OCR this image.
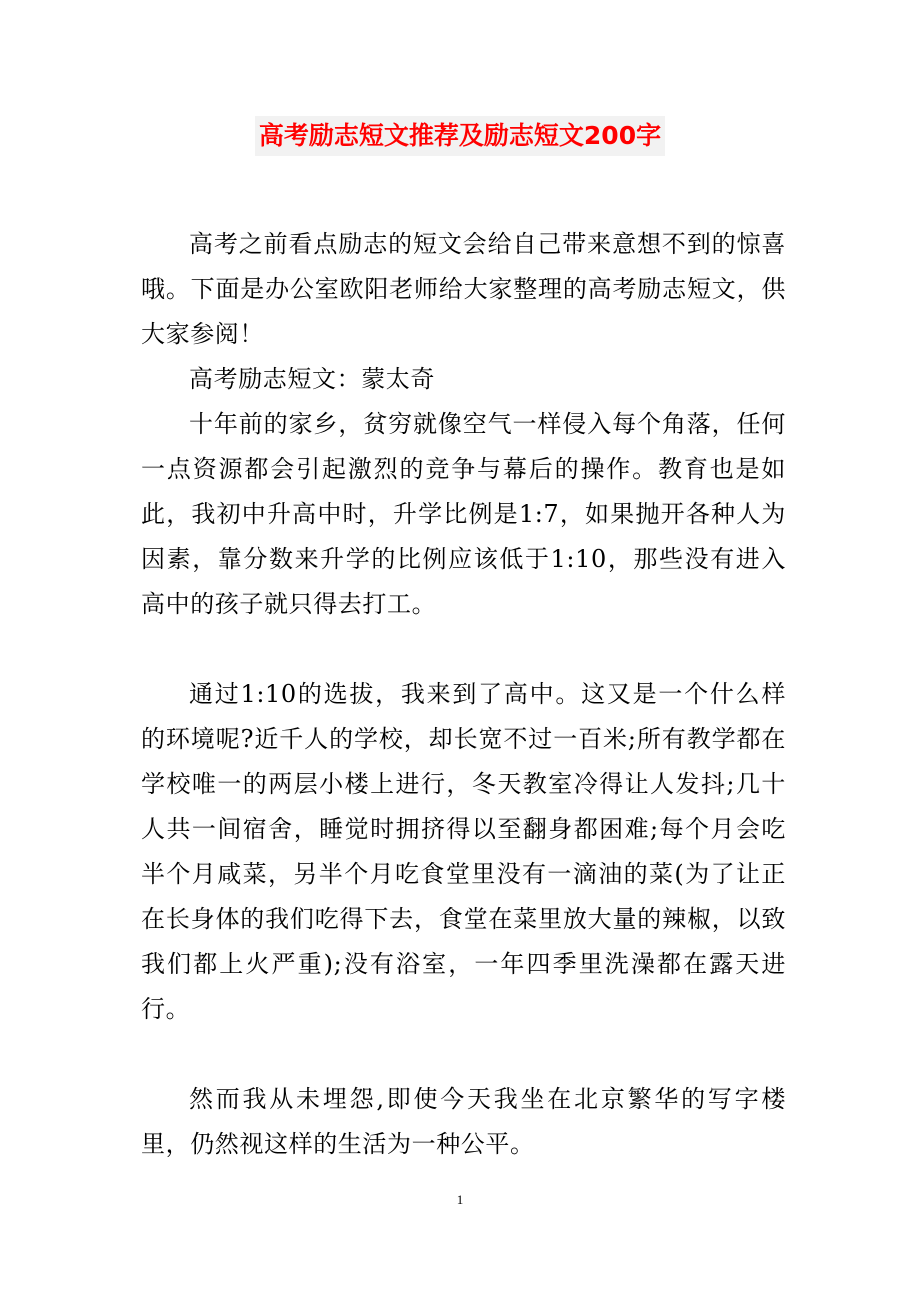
高考励志短文推荐及励志短文200字

高考之前看点励志的短文会给自己带来意想不到的惊喜哦。下面是办公室欧阳老师给大家整理的高考励志短文，供大家参阅！

高考励志短文：蒙太奇

十年前的家乡，贫穷就像空气一样侵入每个角落，任何一点资源都会引起激烈的竞争与幕后的操作。教育也是如此，我初中升高中时，升学比例是1:7，如果抛开各种人为因素，靠分数来升学的比例应该低于1:10，那些没有进入高中的孩子就只得去打工。

通过1:10的选拔，我来到了高中。这又是一个什么样的环境呢?近千人的学校，却长宽不过一百米;所有教学都在学校唯一的两层小楼上进行，冬天教室冷得让人发抖;几十人共一间宿舍，睡觉时拥挤得以至翻身都困难;每个月会吃半个月咸菜，另半个月吃食堂里没有一滴油的菜(为了让正在长身体的我们吃得下去，食堂在菜里放大量的辣椒，以致我们都上火严重);没有浴室，一年四季里洗澡都在露天进行。

然而我从未埋怨,即使今天我坐在北京繁华的写字楼里，仍然视这样的生活为一种公平。

1
